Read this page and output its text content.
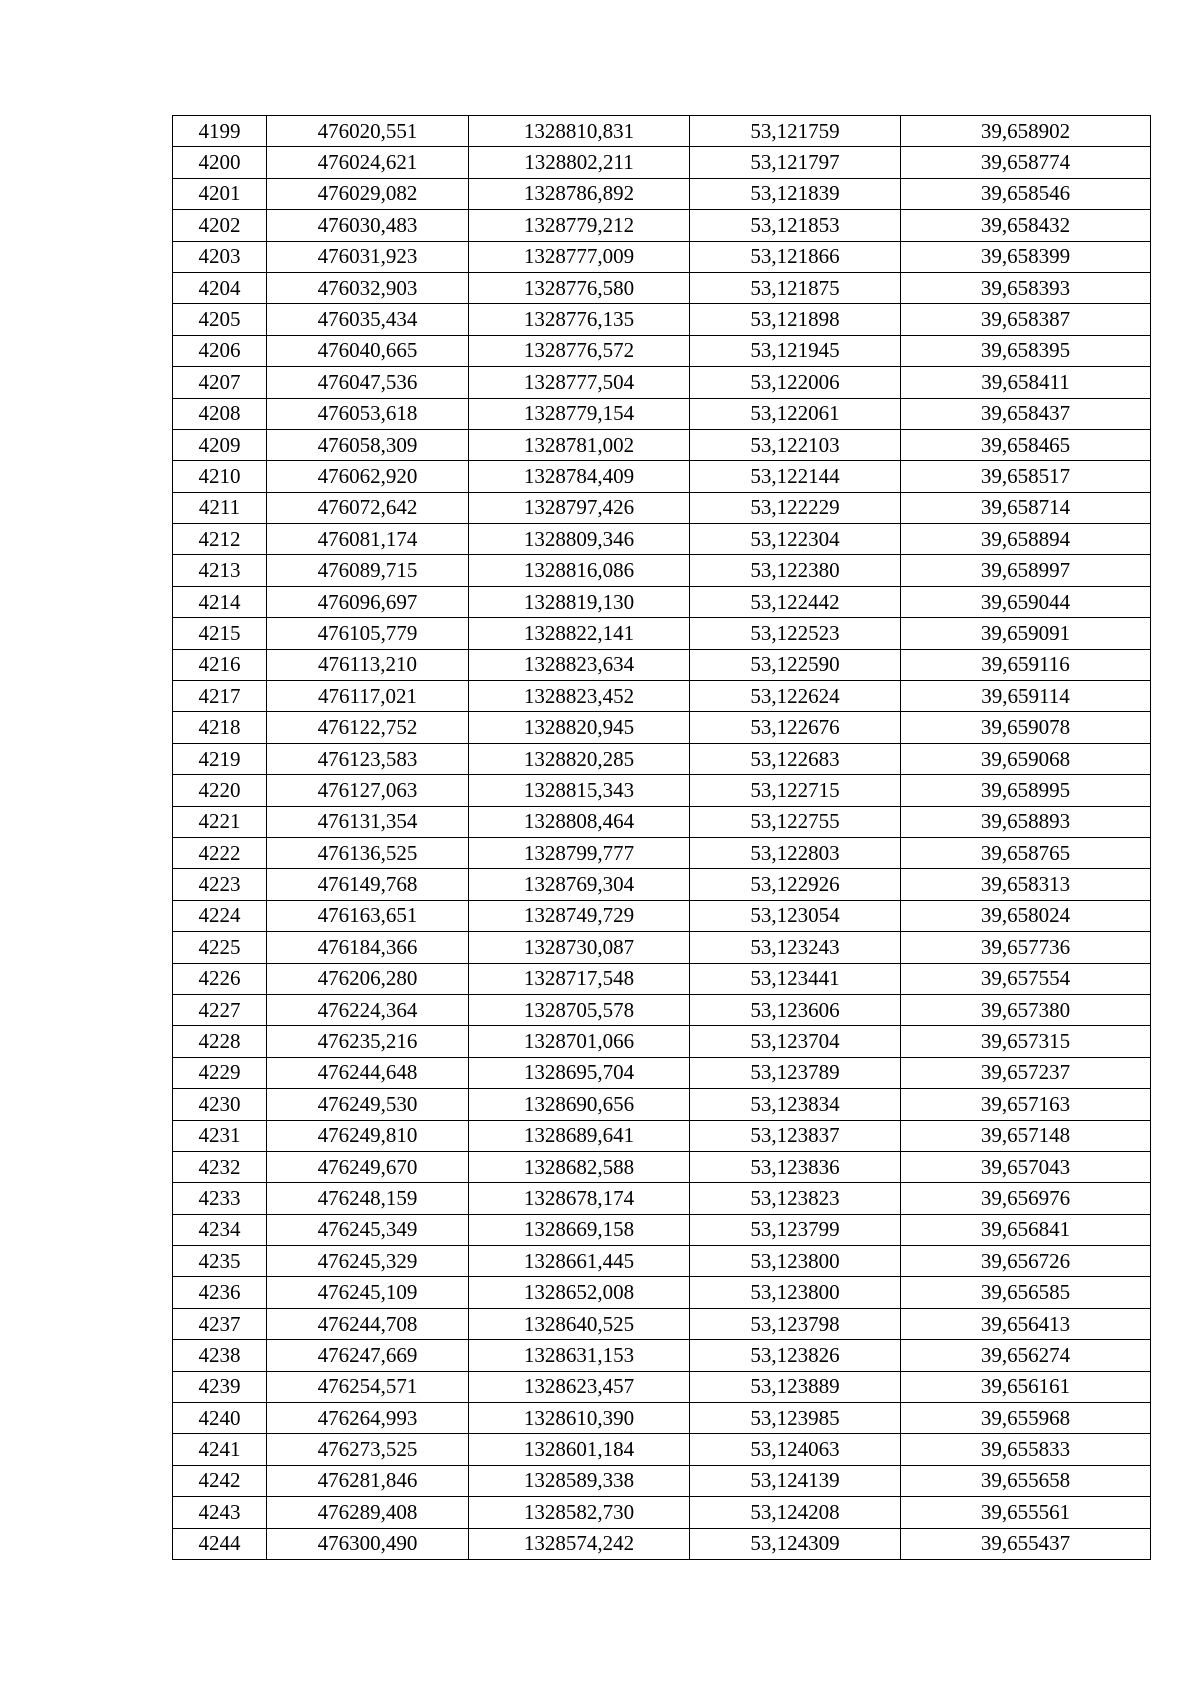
4199	476020,551	1328810,831	53,121759	39,658902
4200	476024,621	1328802,211	53,121797	39,658774
4201	476029,082	1328786,892	53,121839	39,658546
4202	476030,483	1328779,212	53,121853	39,658432
4203	476031,923	1328777,009	53,121866	39,658399
4204	476032,903	1328776,580	53,121875	39,658393
4205	476035,434	1328776,135	53,121898	39,658387
4206	476040,665	1328776,572	53,121945	39,658395
4207	476047,536	1328777,504	53,122006	39,658411
4208	476053,618	1328779,154	53,122061	39,658437
4209	476058,309	1328781,002	53,122103	39,658465
4210	476062,920	1328784,409	53,122144	39,658517
4211	476072,642	1328797,426	53,122229	39,658714
4212	476081,174	1328809,346	53,122304	39,658894
4213	476089,715	1328816,086	53,122380	39,658997
4214	476096,697	1328819,130	53,122442	39,659044
4215	476105,779	1328822,141	53,122523	39,659091
4216	476113,210	1328823,634	53,122590	39,659116
4217	476117,021	1328823,452	53,122624	39,659114
4218	476122,752	1328820,945	53,122676	39,659078
4219	476123,583	1328820,285	53,122683	39,659068
4220	476127,063	1328815,343	53,122715	39,658995
4221	476131,354	1328808,464	53,122755	39,658893
4222	476136,525	1328799,777	53,122803	39,658765
4223	476149,768	1328769,304	53,122926	39,658313
4224	476163,651	1328749,729	53,123054	39,658024
4225	476184,366	1328730,087	53,123243	39,657736
4226	476206,280	1328717,548	53,123441	39,657554
4227	476224,364	1328705,578	53,123606	39,657380
4228	476235,216	1328701,066	53,123704	39,657315
4229	476244,648	1328695,704	53,123789	39,657237
4230	476249,530	1328690,656	53,123834	39,657163
4231	476249,810	1328689,641	53,123837	39,657148
4232	476249,670	1328682,588	53,123836	39,657043
4233	476248,159	1328678,174	53,123823	39,656976
4234	476245,349	1328669,158	53,123799	39,656841
4235	476245,329	1328661,445	53,123800	39,656726
4236	476245,109	1328652,008	53,123800	39,656585
4237	476244,708	1328640,525	53,123798	39,656413
4238	476247,669	1328631,153	53,123826	39,656274
4239	476254,571	1328623,457	53,123889	39,656161
4240	476264,993	1328610,390	53,123985	39,655968
4241	476273,525	1328601,184	53,124063	39,655833
4242	476281,846	1328589,338	53,124139	39,655658
4243	476289,408	1328582,730	53,124208	39,655561
4244	476300,490	1328574,242	53,124309	39,655437
